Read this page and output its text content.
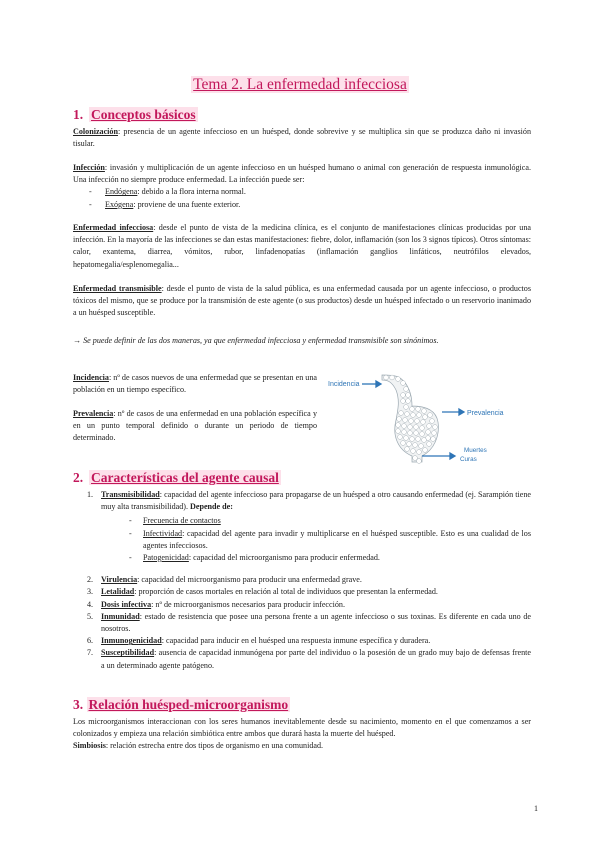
Tema 2. La enfermedad infecciosa
1. Conceptos básicos
Colonización: presencia de un agente infeccioso en un huésped, donde sobrevive y se multiplica sin que se produzca daño ni invasión tisular.
Infección: invasión y multiplicación de un agente infeccioso en un huésped humano o animal con generación de respuesta inmunológica. Una infección no siempre produce enfermedad. La infección puede ser:
- Endógena: debido a la flora interna normal.
- Exógena: proviene de una fuente exterior.
Enfermedad infecciosa: desde el punto de vista de la medicina clínica, es el conjunto de manifestaciones clínicas producidas por una infección. En la mayoría de las infecciones se dan estas manifestaciones: fiebre, dolor, inflamación (son los 3 signos típicos). Otros síntomas: calor, exantema, diarrea, vómitos, rubor, linfadenopatías (inflamación ganglios linfáticos, neutrófilos elevados, hepatomegalia/esplenomegalia...
Enfermedad transmisible: desde el punto de vista de la salud pública, es una enfermedad causada por un agente infeccioso, o productos tóxicos del mismo, que se produce por la transmisión de este agente (o sus productos) desde un huésped infectado o un reservorio inanimado a un huésped susceptible.
→ Se puede definir de las dos maneras, ya que enfermedad infecciosa y enfermedad transmisible son sinónimos.
Incidencia: nº de casos nuevos de una enfermedad que se presentan en una población en un tiempo específico.
Prevalencia: nº de casos de una enfermedad en una población específica y en un punto temporal definido o durante un periodo de tiempo determinado.
Incidencia
Prevalencia
Muertes
Curas
2. Características del agente causal
1. Transmisibilidad: capacidad del agente infeccioso para propagarse de un huésped a otro causando enfermedad (ej. Sarampión tiene muy alta transmisibilidad). Depende de:
- Frecuencia de contactos
- Infectividad: capacidad del agente para invadir y multiplicarse en el huésped susceptible. Esto es una cualidad de los agentes infecciosos.
- Patogenicidad: capacidad del microorganismo para producir enfermedad.
2. Virulencia: capacidad del microorganismo para producir una enfermedad grave.
3. Letalidad: proporción de casos mortales en relación al total de individuos que presentan la enfermedad.
4. Dosis infectiva: nº de microorganismos necesarios para producir infección.
5. Inmunidad: estado de resistencia que posee una persona frente a un agente infeccioso o sus toxinas. Es diferente en cada uno de nosotros.
6. Inmunogenicidad: capacidad para inducir en el huésped una respuesta inmune específica y duradera.
7. Susceptibilidad: ausencia de capacidad inmunógena por parte del individuo o la posesión de un grado muy bajo de defensas frente a un determinado agente patógeno.
3. Relación huésped-microorganismo
Los microorganismos interaccionan con los seres humanos inevitablemente desde su nacimiento, momento en el que comenzamos a ser colonizados y empieza una relación simbiótica entre ambos que durará hasta la muerte del huésped.
Simbiosis: relación estrecha entre dos tipos de organismo en una comunidad.
1
